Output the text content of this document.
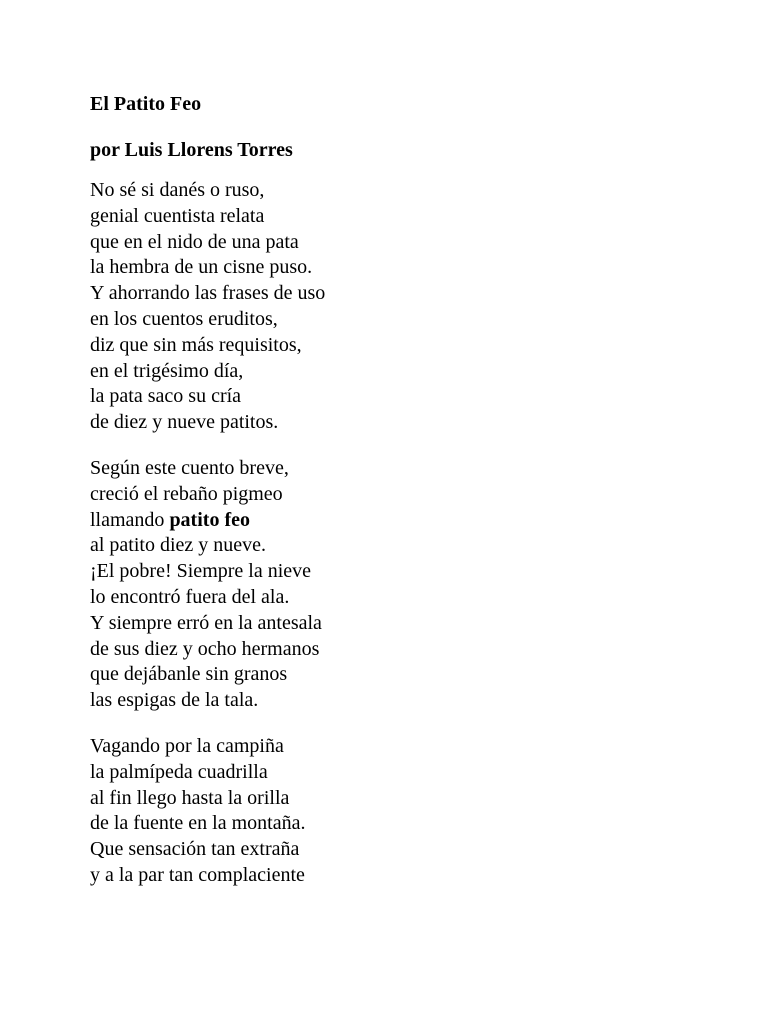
El Patito Feo
por Luis Llorens Torres
No sé si danés o ruso,
genial cuentista relata
que en el nido de una pata
la hembra de un cisne puso.
Y ahorrando las frases de uso
en los cuentos eruditos,
diz que sin más requisitos,
en el trigésimo día,
la pata saco su cría
de diez y nueve patitos.
Según este cuento breve,
creció el rebaño pigmeo
llamando patito feo
al patito diez y nueve.
¡El pobre! Siempre la nieve
lo encontró fuera del ala.
Y siempre erró en la antesala
de sus diez y ocho hermanos
que dejábanle sin granos
las espigas de la tala.
Vagando por la campiña
la palmípeda cuadrilla
al fin llego hasta la orilla
de la fuente en la montaña.
Que sensación tan extraña
y a la par tan complaciente
